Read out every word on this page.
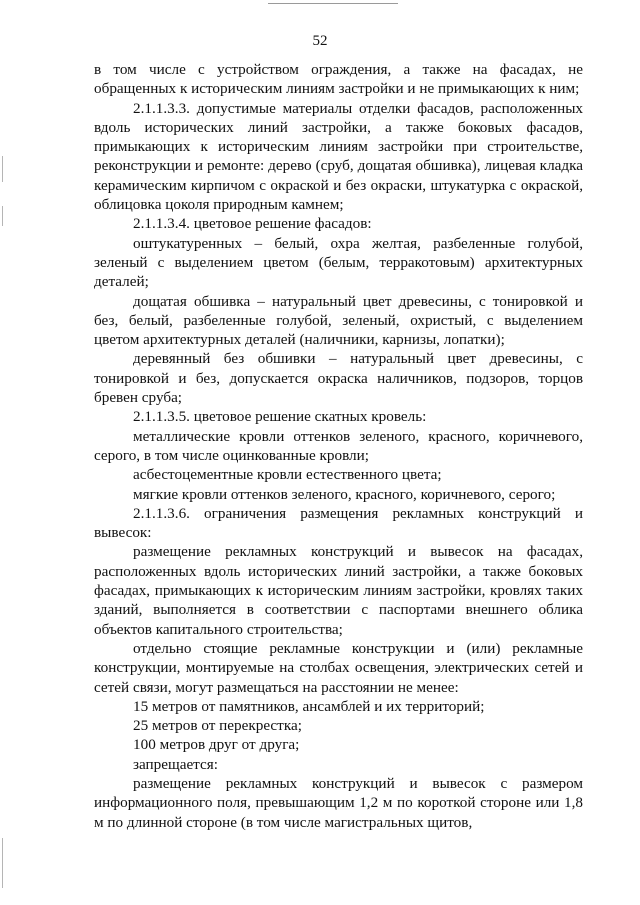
52

в том числе с устройством ограждения, а также на фасадах, не обращенных к историческим линиям застройки и не примыкающих к ним;

2.1.1.3.3. допустимые материалы отделки фасадов, расположенных вдоль исторических линий застройки, а также боковых фасадов, примыкающих к историческим линиям застройки при строительстве, реконструкции и ремонте: дерево (сруб, дощатая обшивка), лицевая кладка керамическим кирпичом с окраской и без окраски, штукатурка с окраской, облицовка цоколя природным камнем;

2.1.1.3.4. цветовое решение фасадов:

оштукатуренных – белый, охра желтая, разбеленные голубой, зеленый с выделением цветом (белым, терракотовым) архитектурных деталей;

дощатая обшивка – натуральный цвет древесины, с тонировкой и без, белый, разбеленные голубой, зеленый, охристый, с выделением цветом архитектурных деталей (наличники, карнизы, лопатки);

деревянный без обшивки – натуральный цвет древесины, с тонировкой и без, допускается окраска наличников, подзоров, торцов бревен сруба;

2.1.1.3.5. цветовое решение скатных кровель:

металлические кровли оттенков зеленого, красного, коричневого, серого, в том числе оцинкованные кровли;

асбестоцементные кровли естественного цвета;

мягкие кровли оттенков зеленого, красного, коричневого, серого;

2.1.1.3.6. ограничения размещения рекламных конструкций и вывесок:

размещение рекламных конструкций и вывесок на фасадах, расположенных вдоль исторических линий застройки, а также боковых фасадах, примыкающих к историческим линиям застройки, кровлях таких зданий, выполняется в соответствии с паспортами внешнего облика объектов капитального строительства;

отдельно стоящие рекламные конструкции и (или) рекламные конструкции, монтируемые на столбах освещения, электрических сетей и сетей связи, могут размещаться на расстоянии не менее:

15 метров от памятников, ансамблей и их территорий;

25 метров от перекрестка;

100 метров друг от друга;

запрещается:

размещение рекламных конструкций и вывесок с размером информационного поля, превышающим 1,2 м по короткой стороне или 1,8 м по длинной стороне (в том числе магистральных щитов,
